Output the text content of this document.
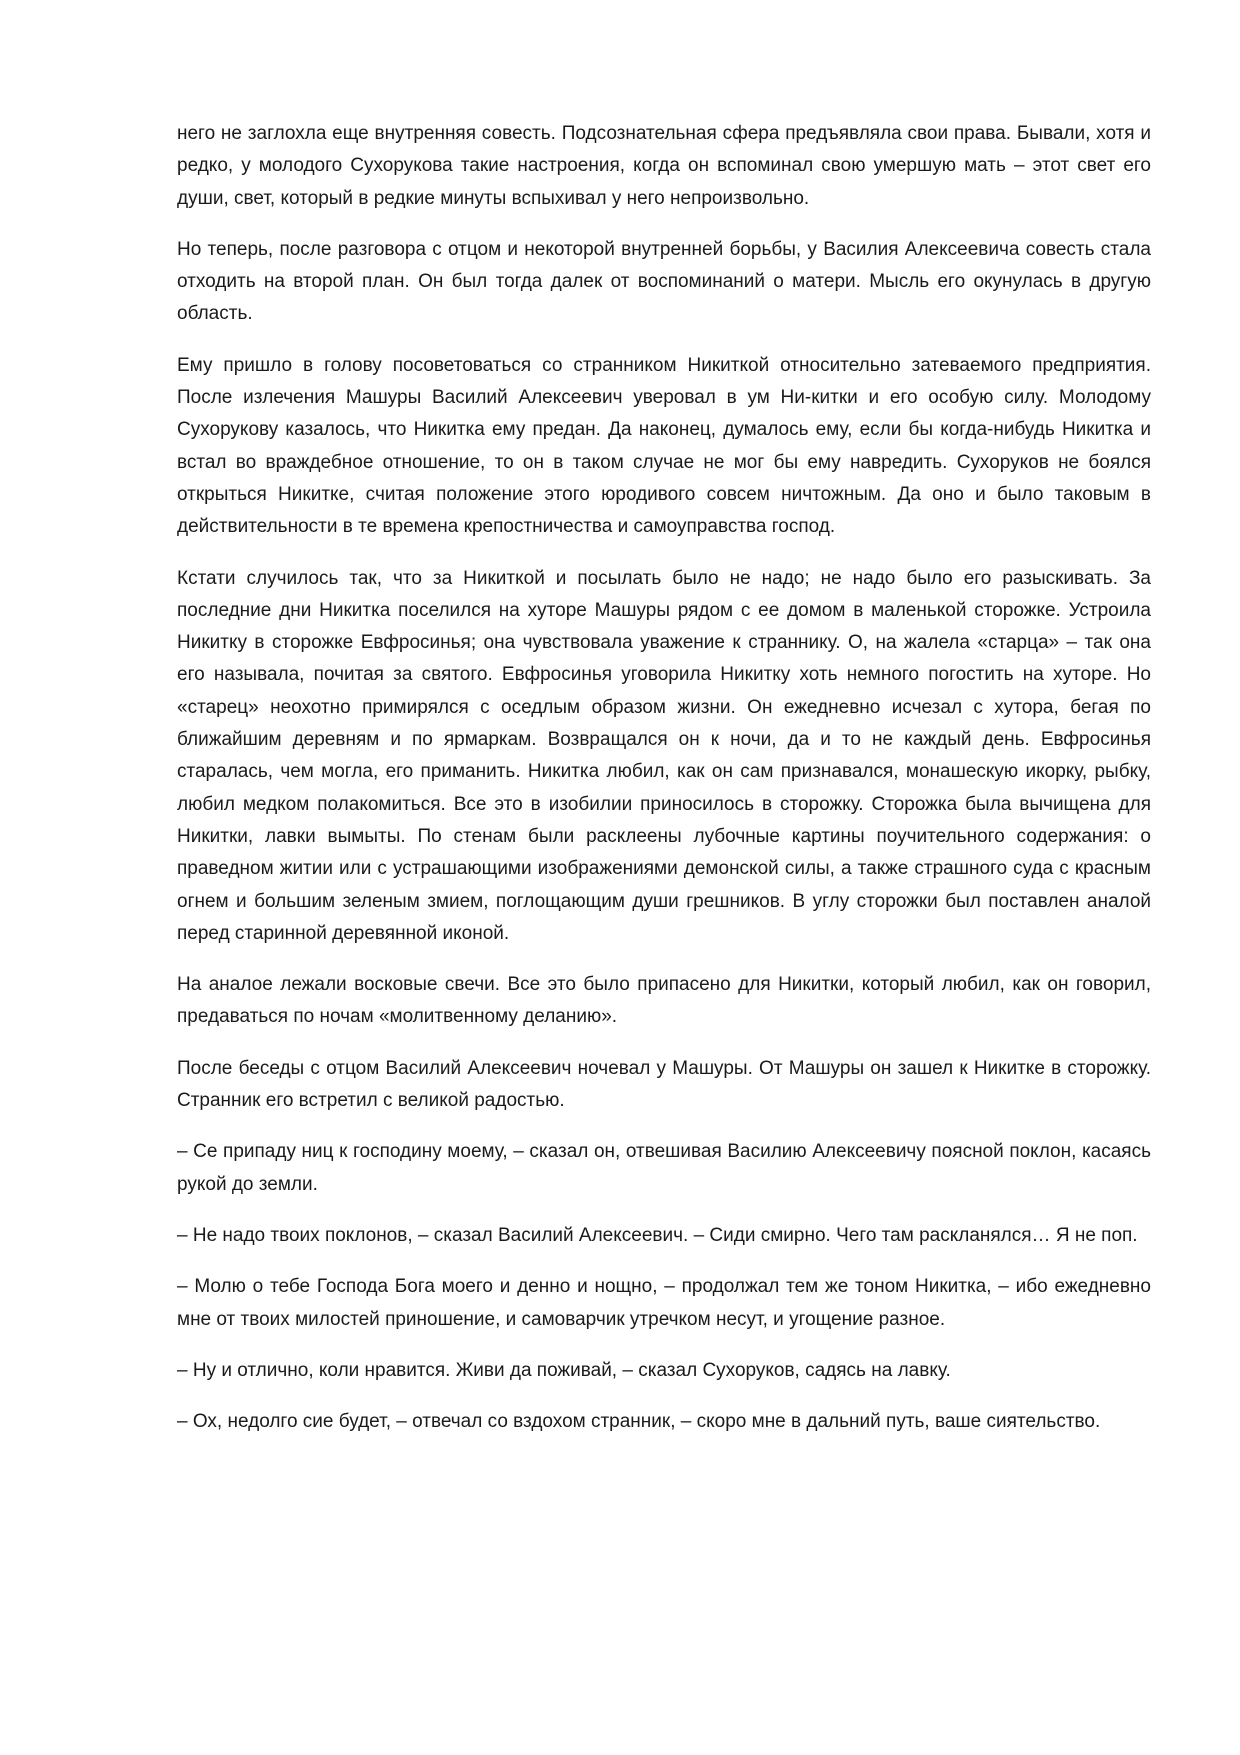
него не заглохла еще внутренняя совесть. Подсознательная сфера предъявляла свои права. Бывали, хотя и редко, у молодого Сухорукова такие настроения, когда он вспоминал свою умершую мать – этот свет его души, свет, который в редкие минуты вспыхивал у него непроизвольно.

Но теперь, после разговора с отцом и некоторой внутренней борьбы, у Василия Алексеевича совесть стала отходить на второй план. Он был тогда далек от воспоминаний о матери. Мысль его окунулась в другую область.

Ему пришло в голову посоветоваться со странником Никиткой относительно затеваемого предприятия. После излечения Машуры Василий Алексеевич уверовал в ум Ни-китки и его особую силу. Молодому Сухорукову казалось, что Никитка ему предан. Да наконец, думалось ему, если бы когда-нибудь Никитка и встал во враждебное отношение, то он в таком случае не мог бы ему навредить. Сухоруков не боялся открыться Никитке, считая положение этого юродивого совсем ничтожным. Да оно и было таковым в действительности в те времена крепостничества и самоуправства господ.

Кстати случилось так, что за Никиткой и посылать было не надо; не надо было его разыскивать. За последние дни Никитка поселился на хуторе Машуры рядом с ее домом в маленькой сторожке. Устроила Никитку в сторожке Евфросинья; она чувствовала уважение к страннику. О, на жалела «старца» – так она его называла, почитая за святого. Евфросинья уговорила Никитку хоть немного погостить на хуторе. Но «старец» неохотно примирялся с оседлым образом жизни. Он ежедневно исчезал с хутора, бегая по ближайшим деревням и по ярмаркам. Возвращался он к ночи, да и то не каждый день. Евфросинья старалась, чем могла, его приманить. Никитка любил, как он сам признавался, монашескую икорку, рыбку, любил медком полакомиться. Все это в изобилии приносилось в сторожку. Сторожка была вычищена для Никитки, лавки вымыты. По стенам были расклеены лубочные картины поучительного содержания: о праведном житии или с устрашающими изображениями демонской силы, а также страшного суда с красным огнем и большим зеленым змием, поглощающим души грешников. В углу сторожки был поставлен аналой перед старинной деревянной иконой.

На аналое лежали восковые свечи. Все это было припасено для Никитки, который любил, как он говорил, предаваться по ночам «молитвенному деланию».

После беседы с отцом Василий Алексеевич ночевал у Машуры. От Машуры он зашел к Никитке в сторожку. Странник его встретил с великой радостью.

– Се припаду ниц к господину моему, – сказал он, отвешивая Василию Алексеевичу поясной поклон, касаясь рукой до земли.

– Не надо твоих поклонов, – сказал Василий Алексеевич. – Сиди смирно. Чего там раскланялся… Я не поп.

– Молю о тебе Господа Бога моего и денно и нощно, – продолжал тем же тоном Никитка, – ибо ежедневно мне от твоих милостей приношение, и самоварчик утречком несут, и угощение разное.

– Ну и отлично, коли нравится. Живи да поживай, – сказал Сухоруков, садясь на лавку.

– Ох, недолго сие будет, – отвечал со вздохом странник, – скоро мне в дальний путь, ваше сиятельство.
